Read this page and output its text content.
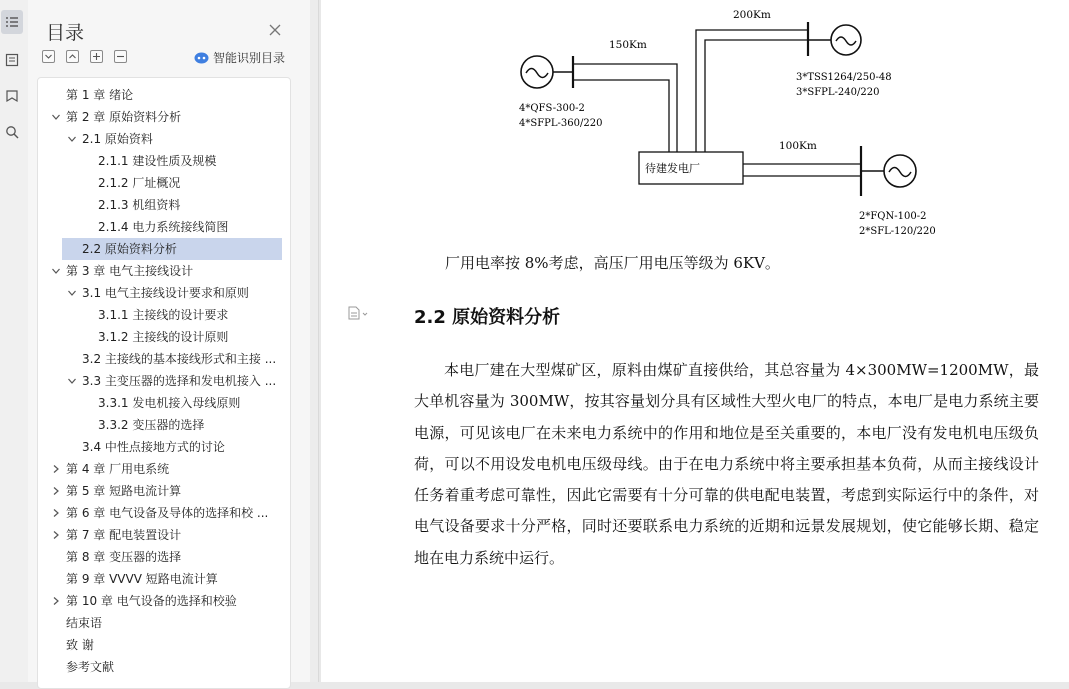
目录
智能识别目录
第 1 章 绪论
第 2 章 原始资料分析
2.1 原始资料
2.1.1 建设性质及规模
2.1.2 厂址概况
2.1.3 机组资料
2.1.4 电力系统接线简图
2.2 原始资料分析
第 3 章 电气主接线设计
3.1 电气主接线设计要求和原则
3.1.1 主接线的设计要求
3.1.2 主接线的设计原则
3.2 主接线的基本接线形式和主接 ...
3.3 主变压器的选择和发电机接入 ...
3.3.1 发电机接入母线原则
3.3.2 变压器的选择
3.4 中性点接地方式的讨论
第 4 章 厂用电系统
第 5 章 短路电流计算
第 6 章 电气设备及导体的选择和校 ...
第 7 章 配电装置设计
第 8 章 变压器的选择
第 9 章 VVVV 短路电流计算
第 10 章 电气设备的选择和校验
结束语
致 谢
参考文献
200Km
150Km
100Km
4*QFS-300-2
4*SFPL-360/220
3*TSS1264/250-48
3*SFPL-240/220
2*FQN-100-2
2*SFL-120/220
待建发电厂
厂用电率按 8%考虑，高压厂用电压等级为 6KV。
2.2 原始资料分析
本电厂建在大型煤矿区，原料由煤矿直接供给，其总容量为 4×300MW=1200MW，最大单机容量为 300MW，按其容量划分具有区域性大型火电厂的特点，本电厂是电力系统主要电源，可见该电厂在未来电力系统中的作用和地位是至关重要的，本电厂没有发电机电压级负荷，可以不用设发电机电压级母线。由于在电力系统中将主要承担基本负荷，从而主接线设计任务着重考虑可靠性，因此它需要有十分可靠的供电配电装置，考虑到实际运行中的条件，对电气设备要求十分严格，同时还要联系电力系统的近期和远景发展规划，使它能够长期、稳定地在电力系统中运行。
